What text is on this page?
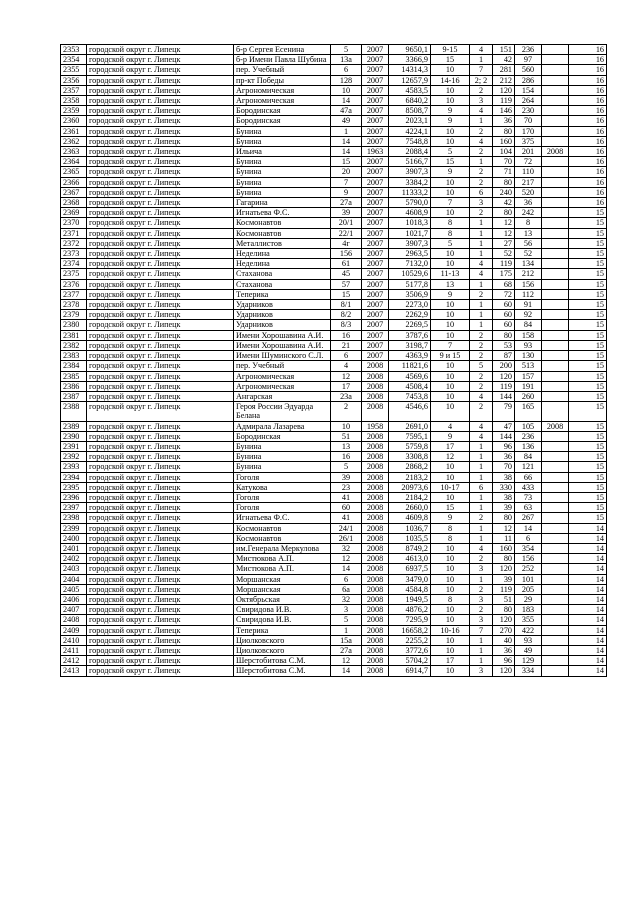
2353	городской округ г. Липецк	б-р Сергея Есенина	5	2007	9650,1	9-15	4	151	236		16
2354	городской округ г. Липецк	б-р Имени Павла Шубина	13а	2007	3366,9	15	1	42	97		16
2355	городской округ г. Липецк	пер. Учебный	6	2007	14314,3	10	7	281	560		16
2356	городской округ г. Липецк	пр-кт Победы	128	2007	12657,9	14-16	2; 2	212	286		16
2357	городской округ г. Липецк	Агрономическая	10	2007	4583,5	10	2	120	154		16
2358	городской округ г. Липецк	Агрономическая	14	2007	6840,2	10	3	119	264		16
2359	городской округ г. Липецк	Бородинская	47а	2007	8508,7	9	4	146	230		16
2360	городской округ г. Липецк	Бородинская	49	2007	2023,1	9	1	36	70		16
2361	городской округ г. Липецк	Бунина	1	2007	4224,1	10	2	80	170		16
2362	городской округ г. Липецк	Бунина	14	2007	7548,8	10	4	160	375		16
2363	городской округ г. Липецк	Ильича	14	1963	2088,4	5	2	104	201	2008	16
2364	городской округ г. Липецк	Бунина	15	2007	5166,7	15	1	70	72		16
2365	городской округ г. Липецк	Бунина	20	2007	3907,3	9	2	71	110		16
2366	городской округ г. Липецк	Бунина	7	2007	3384,2	10	2	80	217		16
2367	городской округ г. Липецк	Бунина	9	2007	11333,2	10	6	240	520		16
2368	городской округ г. Липецк	Гагарина	27а	2007	5790,0	7	3	42	36		16
2369	городской округ г. Липецк	Игнатьева Ф.С.	39	2007	4608,9	10	2	80	242		15
2370	городской округ г. Липецк	Космонавтов	20/1	2007	1018,3	8	1	12	8		15
2371	городской округ г. Липецк	Космонавтов	22/1	2007	1021,7	8	1	12	13		15
2372	городской округ г. Липецк	Металлистов	4г	2007	3907,3	5	1	27	56		15
2373	городской округ г. Липецк	Неделина	156	2007	2963,5	10	1	52	52		15
2374	городской округ г. Липецк	Неделина	61	2007	7132,0	10	4	119	134		15
2375	городской округ г. Липецк	Стаханова	45	2007	10529,6	11-13	4	175	212		15
2376	городской округ г. Липецк	Стаханова	57	2007	5177,8	13	1	68	156		15
2377	городской округ г. Липецк	Теперика	15	2007	3506,9	9	2	72	112		15
2378	городской округ г. Липецк	Ударников	8/1	2007	2273,0	10	1	60	91		15
2379	городской округ г. Липецк	Ударников	8/2	2007	2262,9	10	1	60	92		15
2380	городской округ г. Липецк	Ударников	8/3	2007	2269,5	10	1	60	84		15
2381	городской округ г. Липецк	Имени Хорошавина А.И.	16	2007	3787,6	10	2	80	158		15
2382	городской округ г. Липецк	Имени Хорошавина А.И.	21	2007	3198,7	7	2	53	93		15
2383	городской округ г. Липецк	Имени Шуминского С.Л.	6	2007	4363,9	9 и 15	2	87	130		15
2384	городской округ г. Липецк	пер. Учебный	4	2008	11821,6	10	5	200	513		15
2385	городской округ г. Липецк	Агрономическая	12	2008	4569,6	10	2	120	157		15
2386	городской округ г. Липецк	Агрономическая	17	2008	4508,4	10	2	119	191		15
2387	городской округ г. Липецк	Ангарская	23а	2008	7453,8	10	4	144	260		15
2388	городской округ г. Липецк	Героя России Эдуарда Белана	2	2008	4546,6	10	2	79	165		15
2389	городской округ г. Липецк	Адмирала Лазарева	10	1958	2691,0	4	4	47	105	2008	15
2390	городской округ г. Липецк	Бородинская	51	2008	7595,1	9	4	144	236		15
2391	городской округ г. Липецк	Бунина	13	2008	5759,8	17	1	96	136		15
2392	городской округ г. Липецк	Бунина	16	2008	3308,8	12	1	36	84		15
2393	городской округ г. Липецк	Бунина	5	2008	2868,2	10	1	70	121		15
2394	городской округ г. Липецк	Гоголя	39	2008	2183,2	10	1	38	66		15
2395	городской округ г. Липецк	Катукова	23	2008	20973,6	10-17	6	330	433		15
2396	городской округ г. Липецк	Гоголя	41	2008	2184,2	10	1	38	73		15
2397	городской округ г. Липецк	Гоголя	60	2008	2660,0	15	1	39	63		15
2398	городской округ г. Липецк	Игнатьева Ф.С.	41	2008	4609,8	9	2	80	267		15
2399	городской округ г. Липецк	Космонавтов	24/1	2008	1036,7	8	1	12	14		14
2400	городской округ г. Липецк	Космонавтов	26/1	2008	1035,5	8	1	11	6		14
2401	городской округ г. Липецк	им.Генерала Меркулова	32	2008	8749,2	10	4	160	354		14
2402	городской округ г. Липецк	Мистюкова А.П.	12	2008	4613,0	10	2	80	156		14
2403	городской округ г. Липецк	Мистюкова А.П.	14	2008	6937,5	10	3	120	252		14
2404	городской округ г. Липецк	Моршанская	6	2008	3479,0	10	1	39	101		14
2405	городской округ г. Липецк	Моршанская	6а	2008	4584,8	10	2	119	205		14
2406	городской округ г. Липецк	Октябрьская	32	2008	1949,5	8	3	51	29		14
2407	городской округ г. Липецк	Свиридова И.В.	3	2008	4876,2	10	2	80	183		14
2408	городской округ г. Липецк	Свиридова И.В.	5	2008	7295,9	10	3	120	355		14
2409	городской округ г. Липецк	Теперика	1	2008	16658,2	10-16	7	270	422		14
2410	городской округ г. Липецк	Циолковского	15а	2008	2255,2	10	1	40	93		14
2411	городской округ г. Липецк	Циолковского	27а	2008	3772,6	10	1	36	49		14
2412	городской округ г. Липецк	Шерстобитова С.М.	12	2008	5704,2	17	1	96	129		14
2413	городской округ г. Липецк	Шерстобитова С.М.	14	2008	6914,7	10	3	120	334		14
